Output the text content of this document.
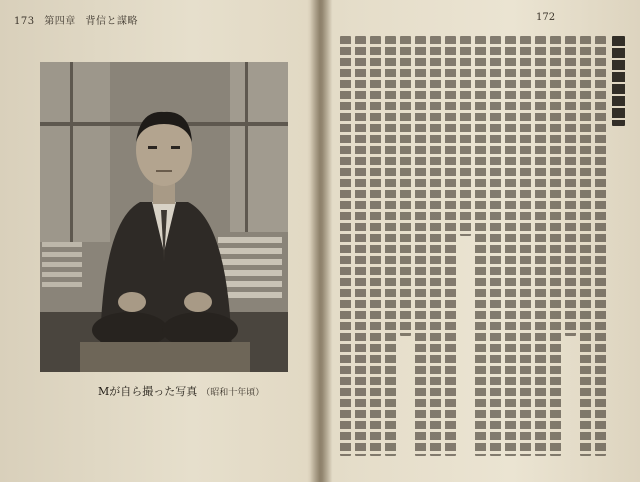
173 第四章 背信と謀略
Mが自ら撮った写真 （昭和十年頃）
172
